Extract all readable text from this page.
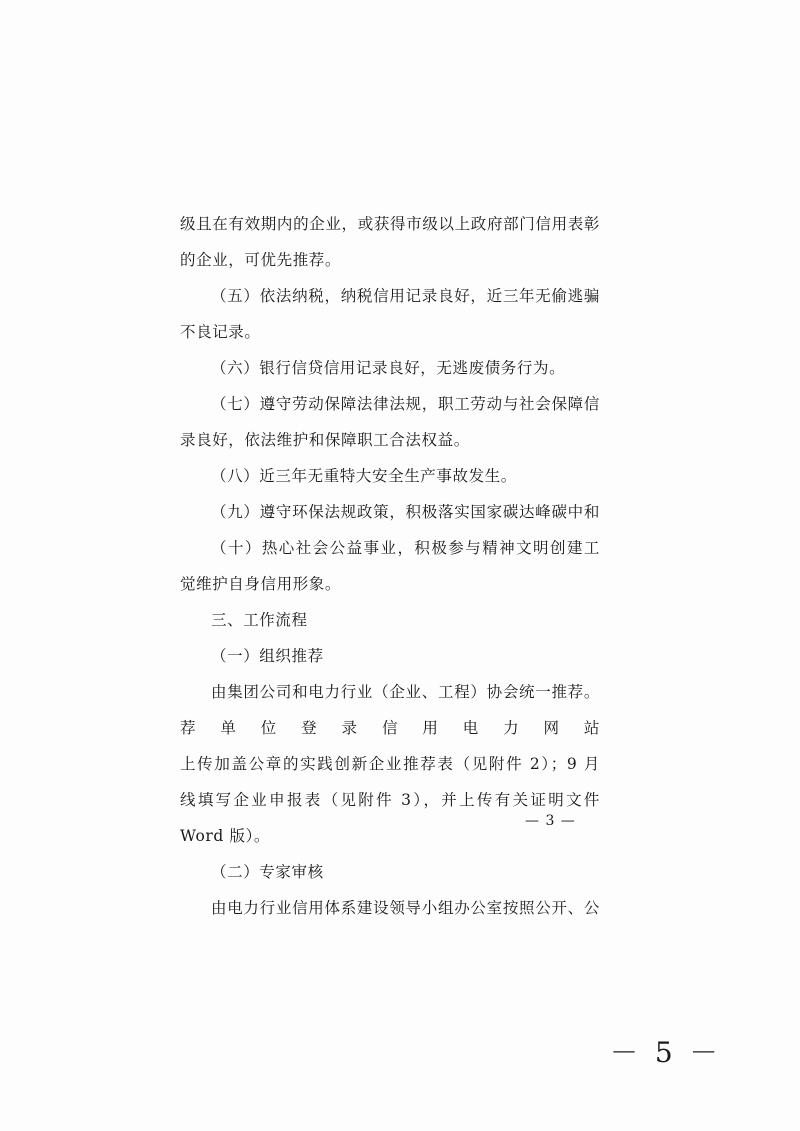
级且在有效期内的企业，或获得市级以上政府部门信用表彰
的企业，可优先推荐。
（五）依法纳税，纳税信用记录良好，近三年无偷逃骗
不良记录。
（六）银行信贷信用记录良好，无逃废债务行为。
（七）遵守劳动保障法律法规，职工劳动与社会保障信
录良好，依法维护和保障职工合法权益。
（八）近三年无重特大安全生产事故发生。
（九）遵守环保法规政策，积极落实国家碳达峰碳中和
（十）热心社会公益事业，积极参与精神文明创建工
觉维护自身信用形象。
三、工作流程
（一）组织推荐
由集团公司和电力行业（企业、工程）协会统一推荐。
荐单位登录信用电力网站
上传加盖公章的实践创新企业推荐表（见附件 2）；9 月
线填写企业申报表（见附件 3），并上传有关证明文件
Word 版）。
（二）专家审核
由电力行业信用体系建设领导小组办公室按照公开、公
— 3 —
－ 5 －
